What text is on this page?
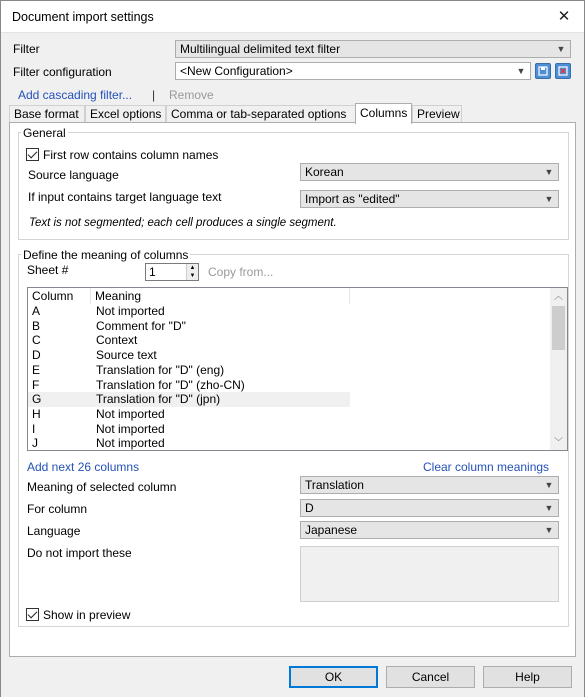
Document import settings	✕
Filter	Multilingual delimited text filter	▼
Filter configuration	<New Configuration>	▼
Add cascading filter... | Remove
Base format Excel options Comma or tab-separated options	Columns Preview
General
First row contains column names
Source language	Korean	▼
If input contains target language text	Import as "edited"	▼
Text is not segmented; each cell produces a single segment.
Define the meaning of columns
Sheet #	1	▲
▼ Copy from...
Column Meaning
A	Not imported
B	Comment for "D"
C	Context
D	Source text
E	Translation for "D" (eng)
F	Translation for "D" (zho-CN)
G	Translation for "D" (jpn)
H	Not imported
I	Not imported
J	Not imported
︿
﹀
Add next 26 columns	Clear column meanings
Meaning of selected column	Translation	▼
For column	D	▼
Language	Japanese	▼
Do not import these
Show in preview
OK	Cancel	Help
